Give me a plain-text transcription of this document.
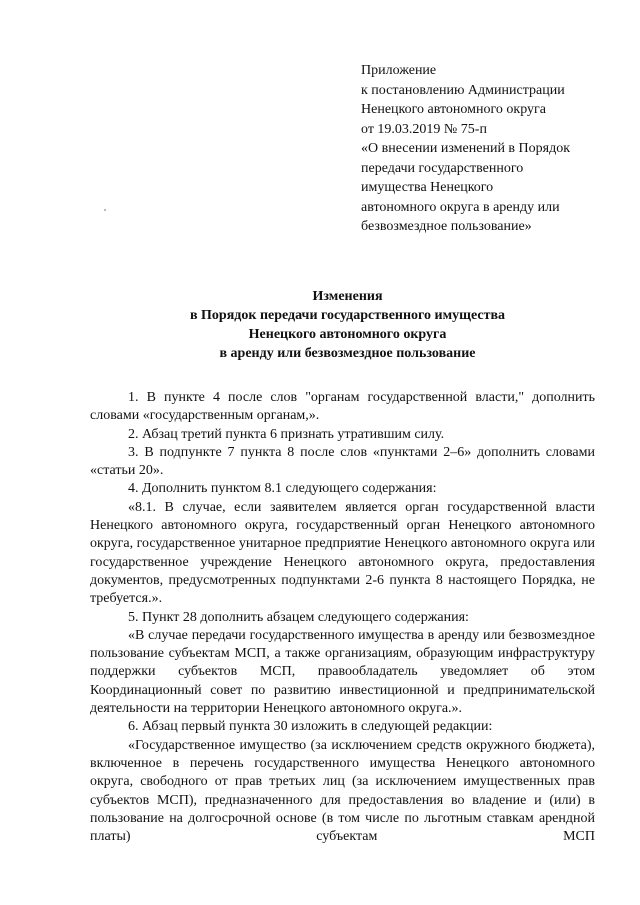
Приложение
к постановлению Администрации
Ненецкого автономного округа
от 19.03.2019 № 75-п
«О внесении изменений в Порядок
передачи государственного
имущества Ненецкого
автономного округа в аренду или
безвозмездное пользование»
Изменения
в Порядок передачи государственного имущества
Ненецкого автономного округа
в аренду или безвозмездное пользование

1. В пункте 4 после слов "органам государственной власти," дополнить словами «государственным органам,».

2. Абзац третий пункта 6 признать утратившим силу.

3. В подпункте 7 пункта 8 после слов «пунктами 2–6» дополнить словами «статьи 20».

4. Дополнить пунктом 8.1 следующего содержания:

«8.1. В случае, если заявителем является орган государственной власти Ненецкого автономного округа, государственный орган Ненецкого автономного округа, государственное унитарное предприятие Ненецкого автономного округа или государственное учреждение Ненецкого автономного округа, предоставления документов, предусмотренных подпунктами 2-6 пункта 8 настоящего Порядка, не требуется.».

5. Пункт 28 дополнить абзацем следующего содержания:

«В случае передачи государственного имущества в аренду или безвозмездное пользование субъектам МСП, а также организациям, образующим инфраструктуру поддержки субъектов МСП, правообладатель уведомляет об этом Координационный совет по развитию инвестиционной и предпринимательской деятельности на территории Ненецкого автономного округа.».

6. Абзац первый пункта 30 изложить в следующей редакции:

«Государственное имущество (за исключением средств окружного бюджета), включенное в перечень государственного имущества Ненецкого автономного округа, свободного от прав третьих лиц (за исключением имущественных прав субъектов МСП), предназначенного для предоставления во владение и (или) в пользование на долгосрочной основе (в том числе по льготным ставкам арендной платы) субъектам МСП
